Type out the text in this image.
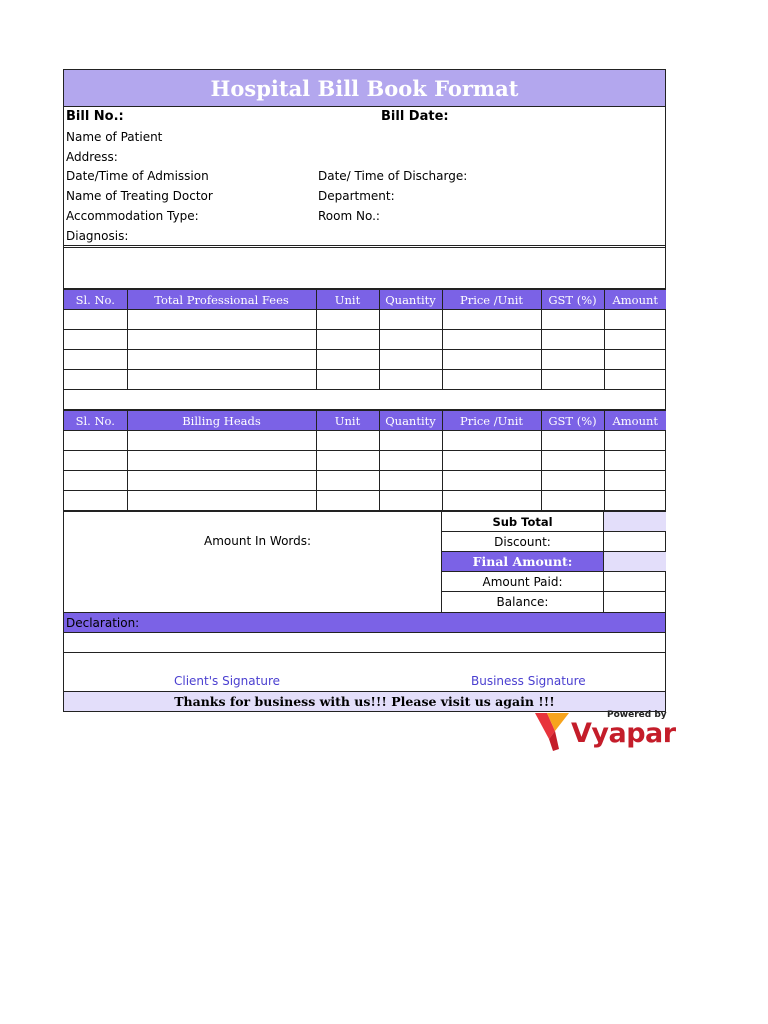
Hospital Bill Book Format
Bill No.:	Bill Date:
Name of Patient
Address:
Date/Time of Admission	Date/ Time of Discharge:
Name of Treating Doctor	Department:
Accommodation Type:	Room No.:
Diagnosis:
Sl. No.	Total Professional Fees	Unit	Quantity	Price /Unit	GST (%)	Amount

Sl. No.	Billing Heads	Unit	Quantity	Price /Unit	GST (%)	Amount

Amount In Words:
Sub Total
Discount:
Final Amount:
Amount Paid:
Balance:
Declaration:
Client's Signature	Business Signature
Thanks for business with us!!! Please visit us again !!!
Powered by
Vyapar
